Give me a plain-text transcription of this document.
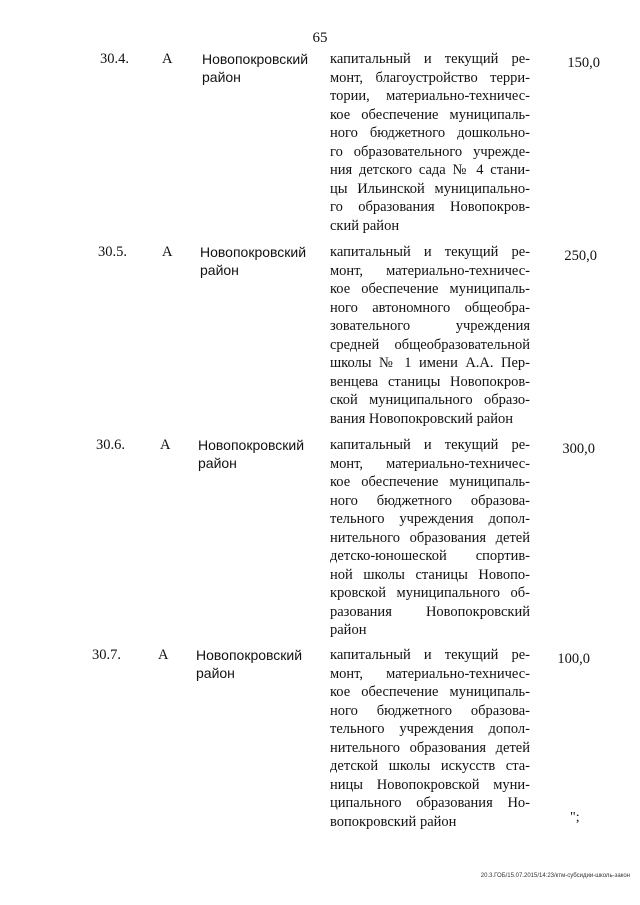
65
30.4.	А	Новопокровский район
капитальный и текущий ре-
монт, благоустройство терри-
тории, материально-техничес-
кое обеспечение муниципаль-
ного бюджетного дошкольно-
го образовательного учрежде-
ния детского сада № 4 стани-
цы Ильинской муниципально-
го образования Новопокров-
ский район
150,0
30.5.	А	Новопокровский район
капитальный и текущий ре-
монт, материально-техничес-
кое обеспечение муниципаль-
ного автономного общеобра-
зовательного учреждения
средней общеобразовательной
школы № 1 имени А.А. Пер-
венцева станицы Новопокров-
ской муниципального образо-
вания Новопокровский район
250,0
30.6.	А	Новопокровский район
капитальный и текущий ре-
монт, материально-техничес-
кое обеспечение муниципаль-
ного бюджетного образова-
тельного учреждения допол-
нительного образования детей
детско-юношеской спортив-
ной школы станицы Новопо-
кровской муниципального об-
разования Новопокровский
район
300,0
30.7.	А	Новопокровский район
капитальный и текущий ре-
монт, материально-техничес-
кое обеспечение муниципаль-
ного бюджетного образова-
тельного учреждения допол-
нительного образования детей
детской школы искусств ста-
ницы Новопокровской муни-
ципального образования Но-
вопокровский район
100,0
";
20.3.ГОБ/15.07.2015/14:23/ктм-субсидии-школь-закон
